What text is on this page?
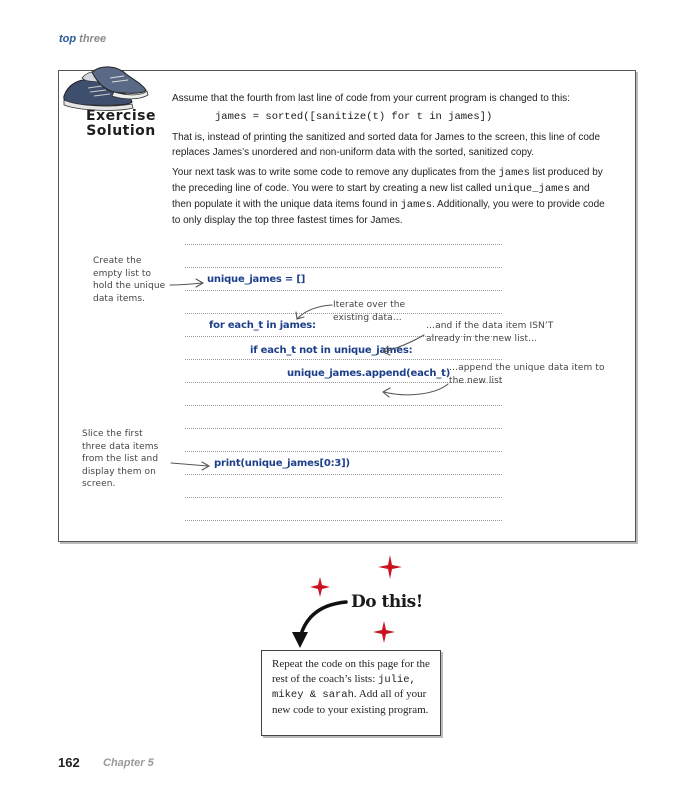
top three
Exercise
Solution
Assume that the fourth from last line of code from your current program is changed to this:
james = sorted([sanitize(t) for t in james])
That is, instead of printing the sanitized and sorted data for James to the screen, this line of code replaces James’s unordered and non-uniform data with the sorted, sanitized copy.
Your next task was to write some code to remove any duplicates from the james list produced by the preceding line of code. You were to start by creating a new list called unique_james and then populate it with the unique data items found in james. Additionally, you were to provide code to only display the top three fastest times for James.
unique_james = []
for each_t in james:
if each_t not in unique_james:
unique_james.append(each_t)
print(unique_james[0:3])
Create the empty list to hold the unique data items.
Iterate over the existing data…
…and if the data item ISN’T already in the new list…
…append the unique data item to the new list
Slice the first three data items from the list and display them on screen.
Do this!
Repeat the code on this page for the rest of the coach’s lists: julie, mikey & sarah. Add all of your new code to your existing program.
162 Chapter 5
